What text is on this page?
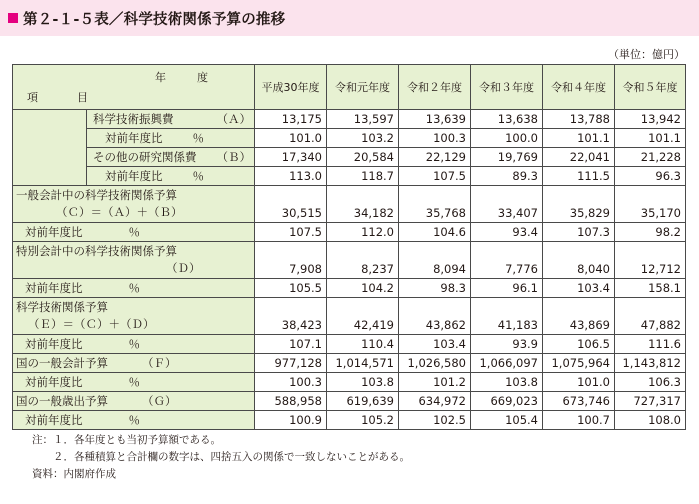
第２-１-５表／科学技術関係予算の推移
（単位：億円）
年　度
項　目		平成30年度	令和元年度	令和２年度	令和３年度	令和４年度	令和５年度

	科学技術振興費 （Ａ）	13,175	13,597	13,639	13,638	13,788	13,942
	対前年度比 ％	101.0	103.2	100.3	100.0	101.1	101.1

	その他の研究関係費 （Ｂ）	17,340	20,584	22,129	19,769	22,041	21,228
	対前年度比 ％	113.0	118.7	107.5	89.3	111.5	96.3

一般会計中の科学技術関係予算
（Ｃ）＝（Ａ）＋（Ｂ）		30,515	34,182	35,768	33,407	35,829	35,170
対前年度比 ％		107.5	112.0	104.6	93.4	107.3	98.2

特別会計中の科学技術関係予算
（Ｄ）		7,908	8,237	8,094	7,776	8,040	12,712
対前年度比 ％		105.5	104.2	98.3	96.1	103.4	158.1

科学技術関係予算
（Ｅ）＝（Ｃ）＋（Ｄ）		38,423	42,419	43,862	41,183	43,869	47,882
対前年度比 ％		107.1	110.4	103.4	93.9	106.5	111.6
国の一般会計予算 （Ｆ）		977,128	1,014,571	1,026,580	1,066,097	1,075,964	1,143,812
対前年度比 ％		100.3	103.8	101.2	103.8	101.0	106.3
国の一般歳出予算 （Ｇ）		588,958	619,639	634,972	669,023	673,746	727,317
対前年度比 ％		100.9	105.2	102.5	105.4	100.7	108.0
注：１．各年度とも当初予算額である。
　　２．各種積算と合計欄の数字は、四捨五入の関係で一致しないことがある。
資料：内閣府作成
